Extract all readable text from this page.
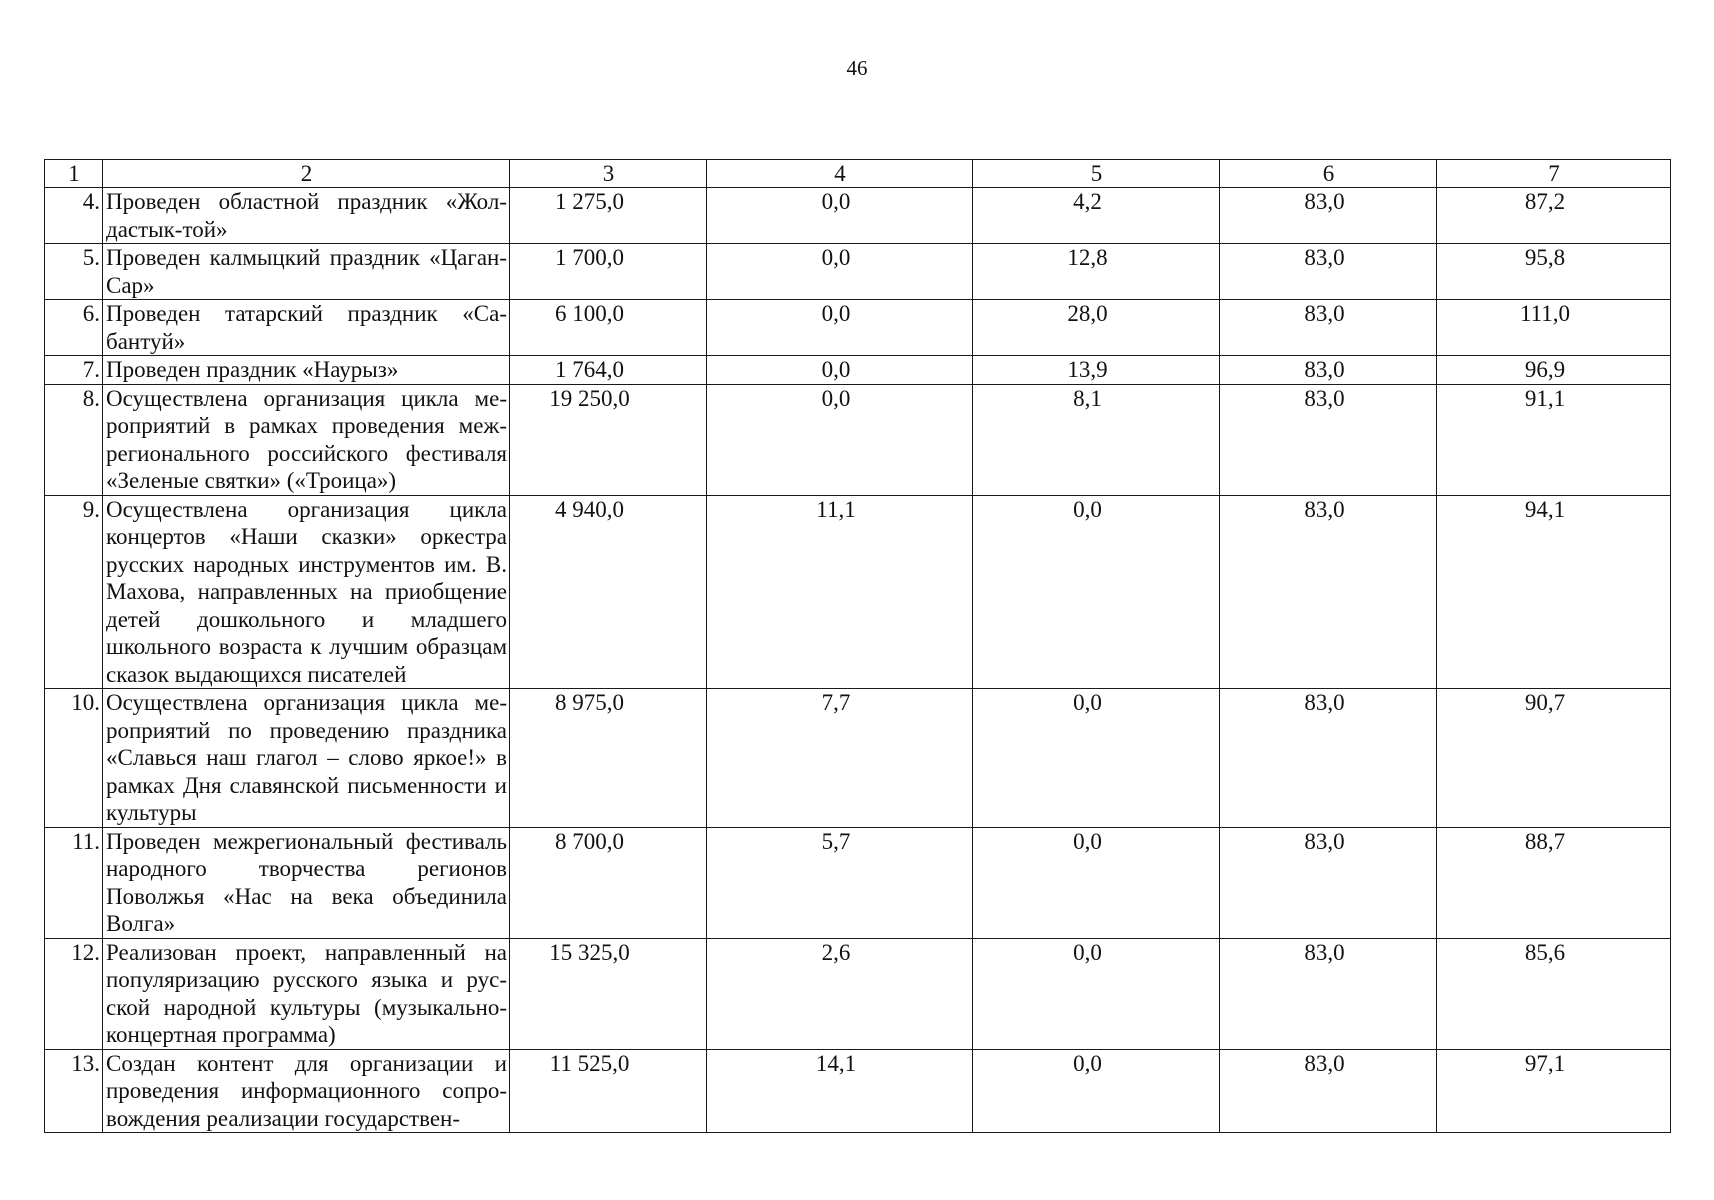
46
1	2	3	4	5	6	7
4.	Проведен областной праздник «Жолдастык-той»	1 275,0	0,0	4,2	83,0	87,2
5.	Проведен калмыцкий праздник «Цаган-Сар»	1 700,0	0,0	12,8	83,0	95,8
6.	Проведен татарский праздник «Сабантуй»	6 100,0	0,0	28,0	83,0	111,0
7.	Проведен праздник «Наурыз»	1 764,0	0,0	13,9	83,0	96,9
8.	Осуществлена организация цикла мероприятий в рамках проведения межрегионального российского фестиваля «Зеленые святки» («Троица»)	19 250,0	0,0	8,1	83,0	91,1
9.	Осуществлена организация цикла концертов «Наши сказки» оркестра русских народных инструментов им. В. Махова, направленных на приобщение детей дошкольного и младшего школьного возраста к лучшим образцам сказок выдающихся писателей	4 940,0	11,1	0,0	83,0	94,1
10.	Осуществлена организация цикла мероприятий по проведению праздника «Славься наш глагол – слово яркое!» в рамках Дня славянской письменности и культуры	8 975,0	7,7	0,0	83,0	90,7
11.	Проведен межрегиональный фестиваль народного творчества регионов Поволжья «Нас на века объединила Волга»	8 700,0	5,7	0,0	83,0	88,7
12.	Реализован проект, направленный на популяризацию русского языка и русской народной культуры (музыкально-концертная программа)	15 325,0	2,6	0,0	83,0	85,6
13.	Создан контент для организации и проведения информационного сопровождения реализации государствен-	11 525,0	14,1	0,0	83,0	97,1
